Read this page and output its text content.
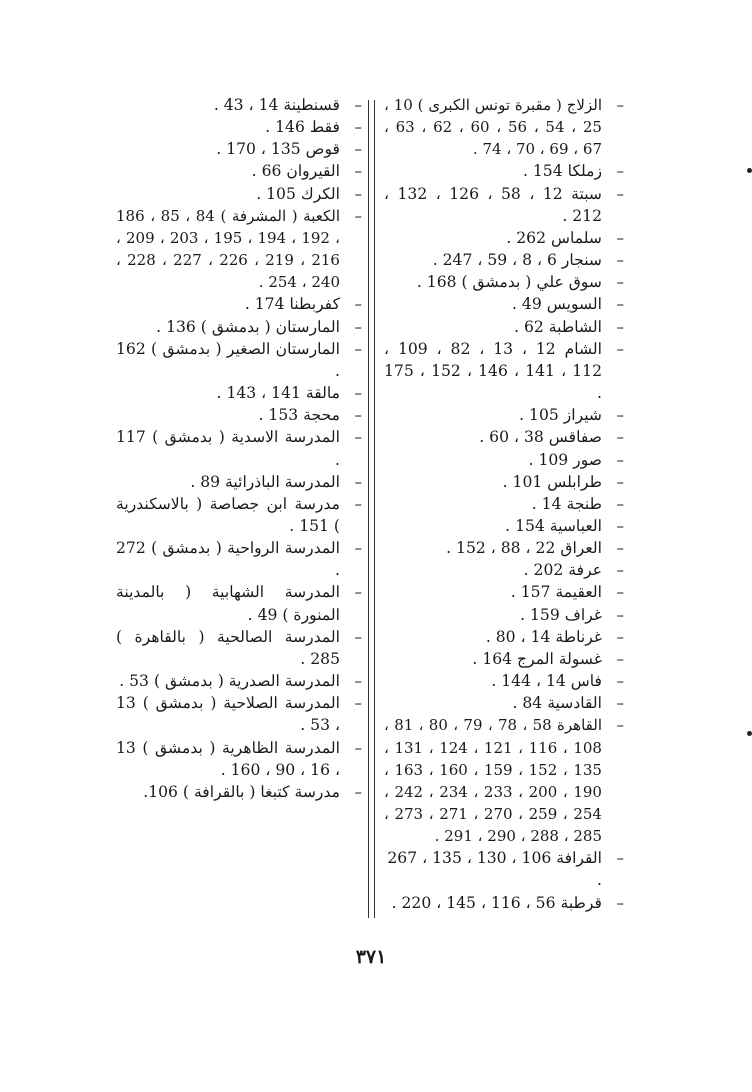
–
الزلاج ( مقبرة تونس الكبرى ) 10 ، 25 ، 54 ، 56 ، 60 ، 62 ، 63 ، 67 ، 69 ، 70 ، 74 .
–
زملكا 154 .
–
سبتة 12 ، 58 ، 126 ، 132 ، 212 .
–
سلماس 262 .
–
سنجار 6 ، 8 ، 59 ، 247 .
–
سوق علي ( بدمشق ) 168 .
–
السويس 49 .
–
الشاطبة 62 .
–
الشام 12 ، 13 ، 82 ، 109 ، 112 ، 141 ، 146 ، 152 ، 175 .
–
شيراز 105 .
–
صفاقس 38 ، 60 .
–
صور 109 .
–
طرابلس 101 .
–
طنجة 14 .
–
العباسية 154 .
–
العراق 22 ، 88 ، 152 .
–
عرفة 202 .
–
العقيمة 157 .
–
غراف 159 .
–
غرناطة 14 ، 80 .
–
غسولة المرج 164 .
–
فاس 14 ، 144 .
–
القادسية 84 .
–
القاهرة 58 ، 78 ، 79 ، 80 ، 81 ، 108 ، 116 ، 121 ، 124 ، 131 ، 135 ، 152 ، 159 ، 160 ، 163 ، 190 ، 200 ، 233 ، 234 ، 242 ، 254 ، 259 ، 270 ، 271 ، 273 ، 285 ، 288 ، 290 ، 291 .
–
القرافة 106 ، 130 ، 135 ، 267 .
–
قرطبة 56 ، 116 ، 145 ، 220 .
–
قسنطينة 14 ، 43 .
–
فقط 146 .
–
قوص 135 ، 170 .
–
القيروان 66 .
–
الكرك 105 .
–
الكعبة ( المشرفة ) 84 ، 85 ، 186 ، 192 ، 194 ، 195 ، 203 ، 209 ، 216 ، 219 ، 226 ، 227 ، 228 ، 240 ، 254 .
–
كفربطنا 174 .
–
المارستان ( بدمشق ) 136 .
–
المارستان الصغير ( بدمشق ) 162 .
–
مالقة 141 ، 143 .
–
محجة 153 .
–
المدرسة الاسدية ( بدمشق ) 117 .
–
المدرسة الباذرائية 89 .
–
مدرسة ابن جصاصة ( بالاسكندرية ) 151 .
–
المدرسة الرواحية ( بدمشق ) 272 .
–
المدرسة الشهابية ( بالمدينة المنورة ) 49 .
–
المدرسة الصالحية ( بالقاهرة ) 285 .
–
المدرسة الصدرية ( بدمشق ) 53 .
–
المدرسة الصلاحية ( بدمشق ) 13 ، 53 .
–
المدرسة الظاهرية ( بدمشق ) 13 ، 16 ، 90 ، 160 .
–
مدرسة كتبغا ( بالقرافة ) 106.
٣٧١
